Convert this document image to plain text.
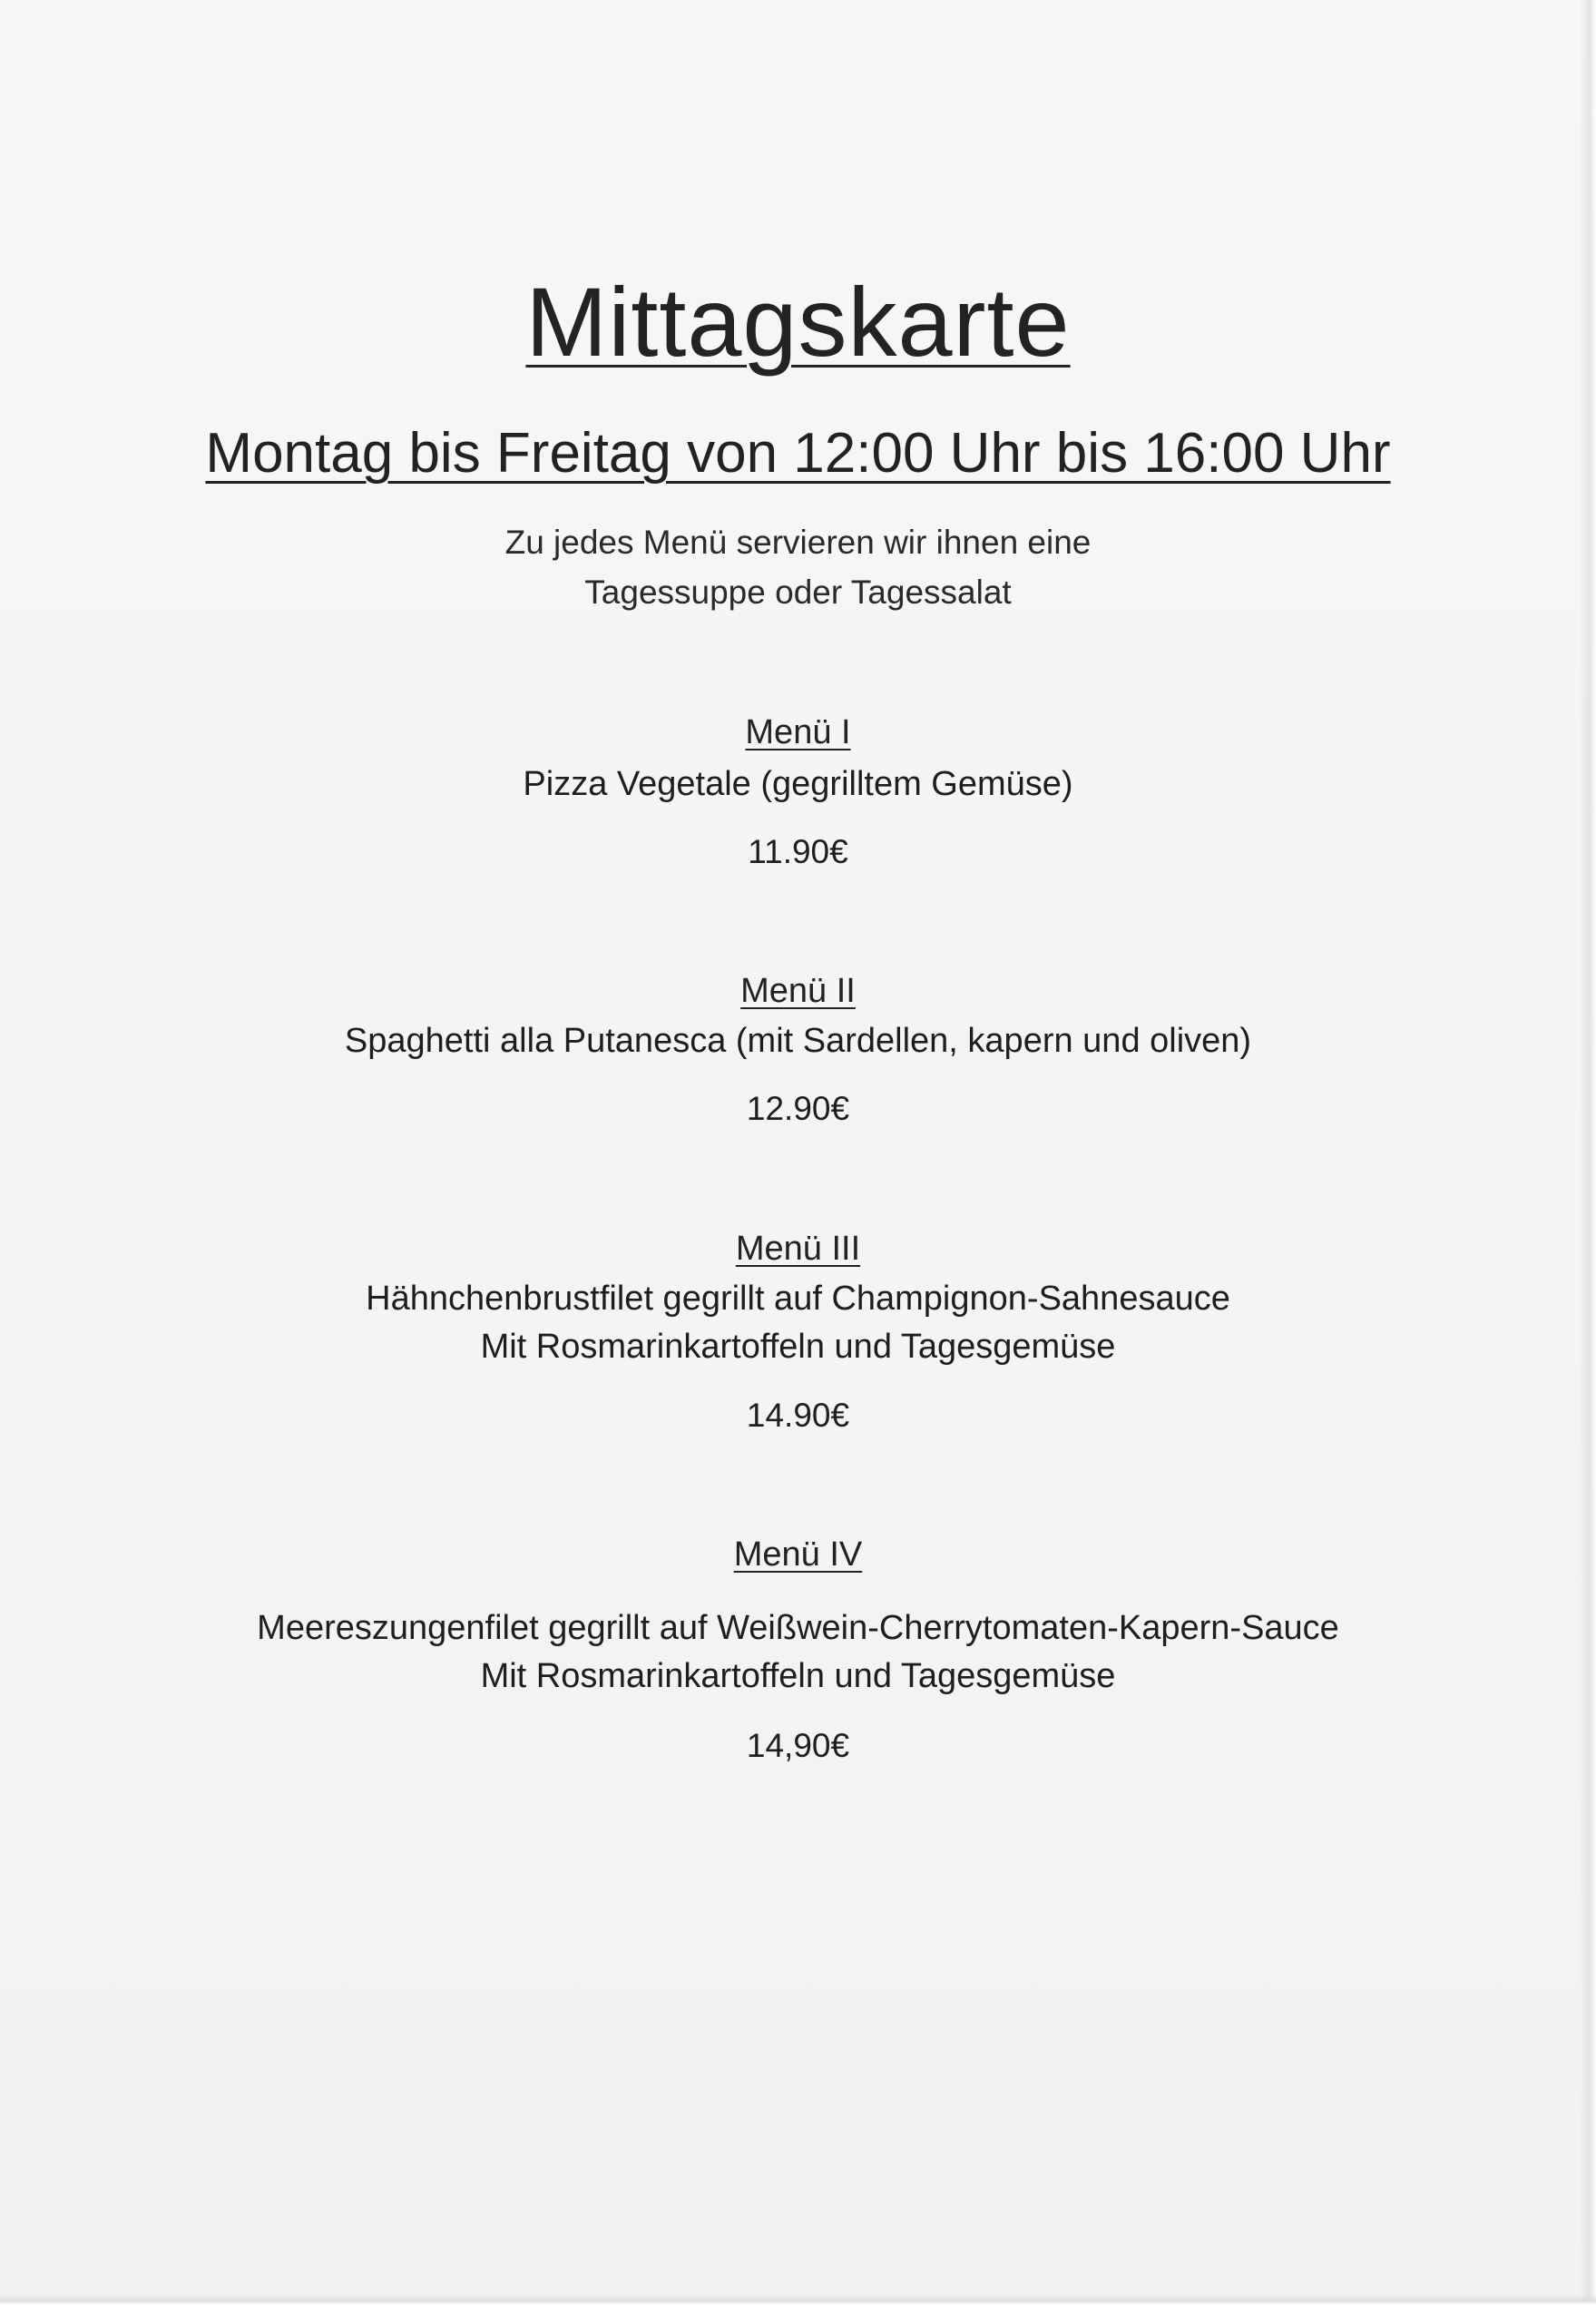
Mittagskarte
Montag bis Freitag von 12:00 Uhr bis 16:00 Uhr
Zu jedes Menü servieren wir ihnen eine
Tagessuppe oder Tagessalat
Menü I
Pizza Vegetale (gegrilltem Gemüse)
11.90€
Menü II
Spaghetti alla Putanesca (mit Sardellen, kapern und oliven)
12.90€
Menü III
Hähnchenbrustfilet gegrillt auf Champignon-Sahnesauce
Mit Rosmarinkartoffeln und Tagesgemüse
14.90€
Menü IV
Meereszungenfilet gegrillt auf Weißwein-Cherrytomaten-Kapern-Sauce
Mit Rosmarinkartoffeln und Tagesgemüse
14,90€
